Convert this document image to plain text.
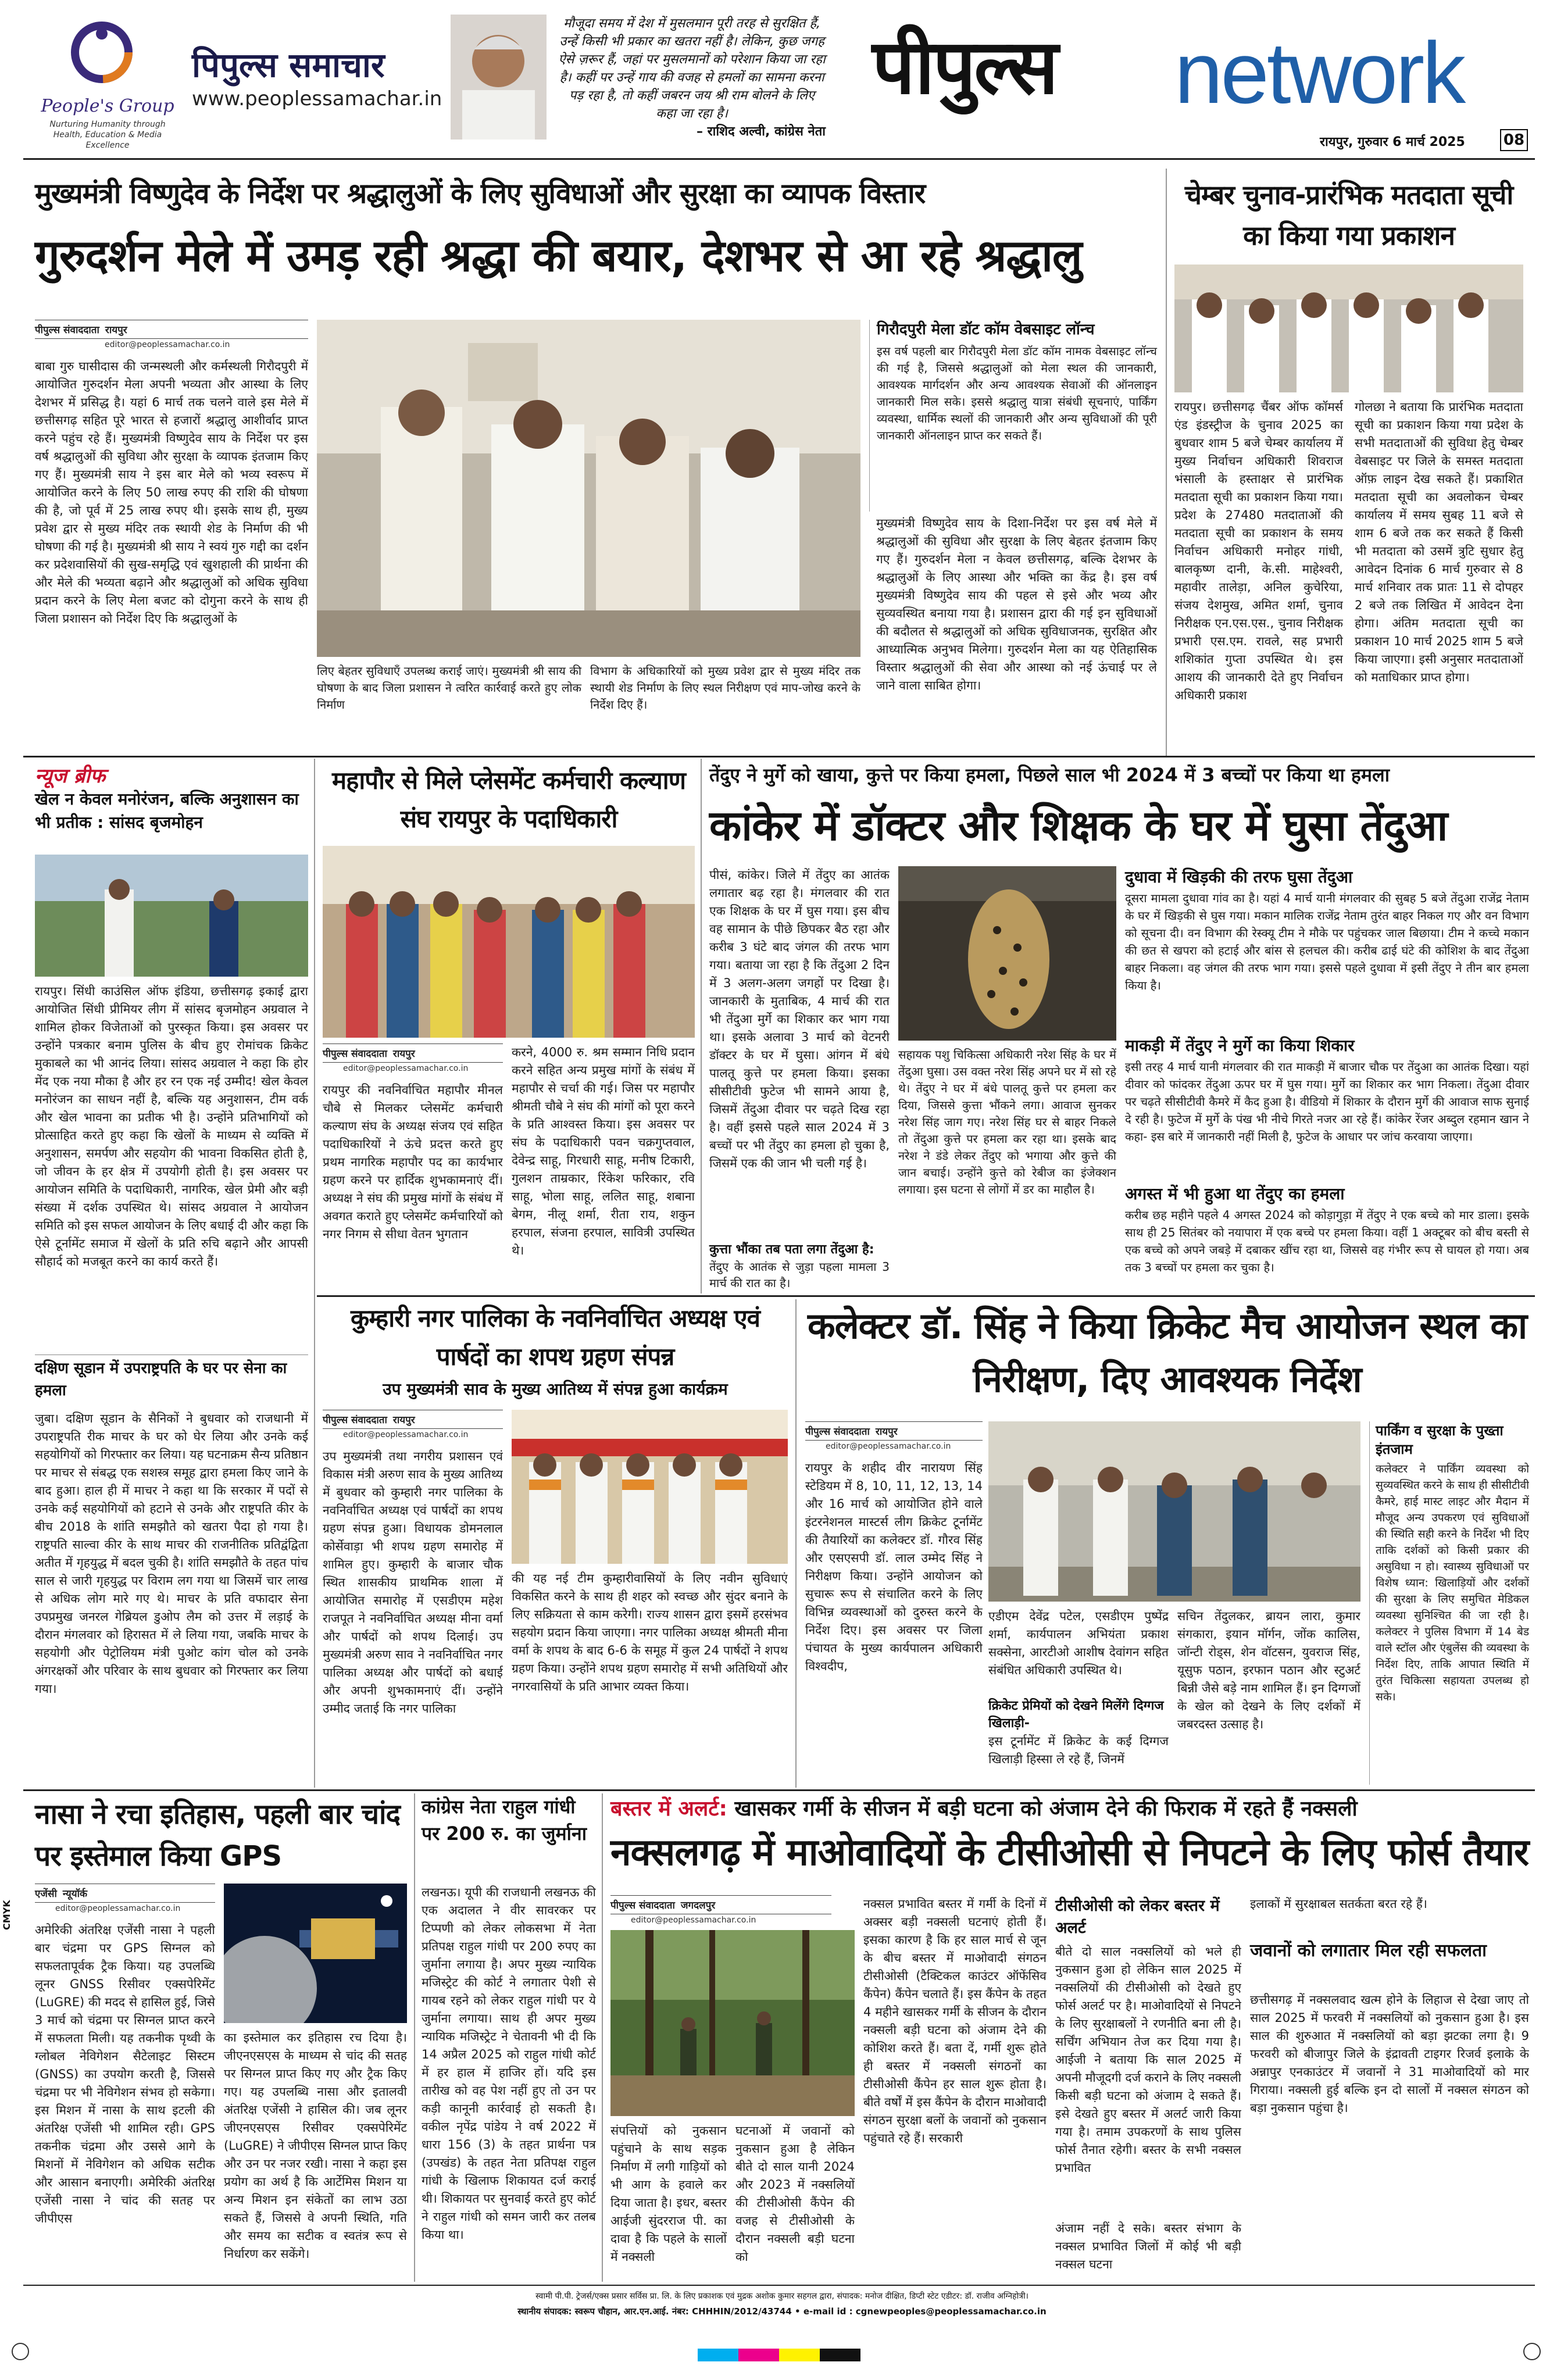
People's Group
Nurturing Humanity through Health, Education & Media Excellence
पिपुल्स समाचार
www.peoplessamachar.in
मौजूदा समय में देश में मुसलमान पूरी तरह से सुरक्षित हैं, उन्हें किसी भी प्रकार का खतरा नहीं है। लेकिन, कुछ जगह ऐसे ज़रूर हैं, जहां पर मुसलमानों को परेशान किया जा रहा है। कहीं पर उन्हें गाय की वजह से हमलों का सामना करना पड़ रहा है, तो कहीं जबरन जय श्री राम बोलने के लिए कहा जा रहा है।
– राशिद अल्वी, कांग्रेस नेता
पीपुल्स network
रायपुर, गुरुवार 6 मार्च 2025	08
मुख्यमंत्री विष्णुदेव के निर्देश पर श्रद्धालुओं के लिए सुविधाओं और सुरक्षा का व्यापक विस्तार
गुरुदर्शन मेले में उमड़ रही श्रद्धा की बयार, देशभर से आ रहे श्रद्धालु
पीपुल्स संवाददाता रायपुर
editor@peoplessamachar.co.in
बाबा गुरु घासीदास की जन्मस्थली और कर्मस्थली गिरौदपुरी में आयोजित गुरुदर्शन मेला अपनी भव्यता और आस्था के लिए देशभर में प्रसिद्ध है। यहां 6 मार्च तक चलने वाले इस मेले में छत्तीसगढ़ सहित पूरे भारत से हजारों श्रद्धालु आशीर्वाद प्राप्त करने पहुंच रहे हैं। मुख्यमंत्री विष्णुदेव साय के निर्देश पर इस वर्ष श्रद्धालुओं की सुविधा और सुरक्षा के व्यापक इंतजाम किए गए हैं। मुख्यमंत्री साय ने इस बार मेले को भव्य स्वरूप में आयोजित करने के लिए 50 लाख रुपए की राशि की घोषणा की है, जो पूर्व में 25 लाख रुपए थी। इसके साथ ही, मुख्य प्रवेश द्वार से मुख्य मंदिर तक स्थायी शेड के निर्माण की भी घोषणा की गई है। मुख्यमंत्री श्री साय ने स्वयं गुरु गद्दी का दर्शन कर प्रदेशवासियों की सुख-समृद्धि एवं खुशहाली की प्रार्थना की और मेले की भव्यता बढ़ाने और श्रद्धालुओं को अधिक सुविधा प्रदान करने के लिए मेला बजट को दोगुना करने के साथ ही जिला प्रशासन को निर्देश दिए कि श्रद्धालुओं के
लिए बेहतर सुविधाएँ उपलब्ध कराई जाएं। मुख्यमंत्री श्री साय की घोषणा के बाद जिला प्रशासन ने त्वरित कार्रवाई करते हुए लोक निर्माण
विभाग के अधिकारियों को मुख्य प्रवेश द्वार से मुख्य मंदिर तक स्थायी शेड निर्माण के लिए स्थल निरीक्षण एवं माप-जोख करने के निर्देश दिए हैं।
गिरौदपुरी मेला डॉट कॉम वेबसाइट लॉन्च
इस वर्ष पहली बार गिरौदपुरी मेला डॉट कॉम नामक वेबसाइट लॉन्च की गई है, जिससे श्रद्धालुओं को मेला स्थल की जानकारी, आवश्यक मार्गदर्शन और अन्य आवश्यक सेवाओं की ऑनलाइन जानकारी मिल सके। इससे श्रद्धालु यात्रा संबंधी सूचनाएं, पार्किंग व्यवस्था, धार्मिक स्थलों की जानकारी और अन्य सुविधाओं की पूरी जानकारी ऑनलाइन प्राप्त कर सकते हैं।
मुख्यमंत्री विष्णुदेव साय के दिशा-निर्देश पर इस वर्ष मेले में श्रद्धालुओं की सुविधा और सुरक्षा के लिए बेहतर इंतजाम किए गए हैं। गुरुदर्शन मेला न केवल छत्तीसगढ़, बल्कि देशभर के श्रद्धालुओं के लिए आस्था और भक्ति का केंद्र है। इस वर्ष मुख्यमंत्री विष्णुदेव साय की पहल से इसे और भव्य और सुव्यवस्थित बनाया गया है। प्रशासन द्वारा की गई इन सुविधाओं की बदौलत से श्रद्धालुओं को अधिक सुविधाजनक, सुरक्षित और आध्यात्मिक अनुभव मिलेगा। गुरुदर्शन मेला का यह ऐतिहासिक विस्तार श्रद्धालुओं की सेवा और आस्था को नई ऊंचाई पर ले जाने वाला साबित होगा।
चेम्बर चुनाव-प्रारंभिक मतदाता सूची का किया गया प्रकाशन
रायपुर। छत्तीसगढ़ चैंबर ऑफ कॉमर्स एंड इंडस्ट्रीज के चुनाव 2025 का बुधवार शाम 5 बजे चेम्बर कार्यालय में मुख्य निर्वाचन अधिकारी शिवराज भंसाली के हस्ताक्षर से प्रारंभिक मतदाता सूची का प्रकाशन किया गया। प्रदेश के 27480 मतदाताओं की मतदाता सूची का प्रकाशन के समय निर्वाचन अधिकारी मनोहर गांधी, बालकृष्ण दानी, के.सी. माहेश्वरी, महावीर तालेड़ा, अनिल कुचेरिया, संजय देशमुख, अमित शर्मा, चुनाव निरीक्षक एन.एस.एस., चुनाव निरीक्षक प्रभारी एस.एम. रावले, सह प्रभारी शशिकांत गुप्ता उपस्थित थे। इस आशय की जानकारी देते हुए निर्वाचन अधिकारी प्रकाश
गोलछा ने बताया कि प्रारंभिक मतदाता सूची का प्रकाशन किया गया प्रदेश के सभी मतदाताओं की सुविधा हेतु चेम्बर वेबसाइट पर जिले के समस्त मतदाता ऑफ़ लाइन देख सकते हैं। प्रकाशित मतदाता सूची का अवलोकन चेम्बर कार्यालय में समय सुबह 11 बजे से शाम 6 बजे तक कर सकते हैं किसी भी मतदाता को उसमें त्रुटि सुधार हेतु आवेदन दिनांक 6 मार्च गुरुवार से 8 मार्च शनिवार तक प्रातः 11 से दोपहर 2 बजे तक लिखित में आवेदन देना होगा। अंतिम मतदाता सूची का प्रकाशन 10 मार्च 2025 शाम 5 बजे किया जाएगा। इसी अनुसार मतदाताओं को मताधिकार प्राप्त होगा।
न्यूज ब्रीफ
खेल न केवल मनोरंजन, बल्कि अनुशासन का भी प्रतीक : सांसद बृजमोहन
रायपुर। सिंधी काउंसिल ऑफ इंडिया, छत्तीसगढ़ इकाई द्वारा आयोजित सिंधी प्रीमियर लीग में सांसद बृजमोहन अग्रवाल ने शामिल होकर विजेताओं को पुरस्कृत किया। इस अवसर पर उन्होंने पत्रकार बनाम पुलिस के बीच हुए रोमांचक क्रिकेट मुकाबले का भी आनंद लिया। सांसद अग्रवाल ने कहा कि होर मेंद एक नया मौका है और हर रन एक नई उम्मीद! खेल केवल मनोरंजन का साधन नहीं है, बल्कि यह अनुशासन, टीम वर्क और खेल भावना का प्रतीक भी है। उन्होंने प्रतिभागियों को प्रोत्साहित करते हुए कहा कि खेलों के माध्यम से व्यक्ति में अनुशासन, समर्पण और सहयोग की भावना विकसित होती है, जो जीवन के हर क्षेत्र में उपयोगी होती है। इस अवसर पर आयोजन समिति के पदाधिकारी, नागरिक, खेल प्रेमी और बड़ी संख्या में दर्शक उपस्थित थे। सांसद अग्रवाल ने आयोजन समिति को इस सफल आयोजन के लिए बधाई दी और कहा कि ऐसे टूर्नामेंट समाज में खेलों के प्रति रुचि बढ़ाने और आपसी सौहार्द को मजबूत करने का कार्य करते हैं।
दक्षिण सूडान में उपराष्ट्रपति के घर पर सेना का हमला
जुबा। दक्षिण सूडान के सैनिकों ने बुधवार को राजधानी में उपराष्ट्रपति रीक माचर के घर को घेर लिया और उनके कई सहयोगियों को गिरफ्तार कर लिया। यह घटनाक्रम सैन्य प्रतिष्ठान पर माचर से संबद्ध एक सशस्त्र समूह द्वारा हमला किए जाने के बाद हुआ। हाल ही में माचर ने कहा था कि सरकार में पदों से उनके कई सहयोगियों को हटाने से उनके और राष्ट्रपति कीर के बीच 2018 के शांति समझौते को खतरा पैदा हो गया है। राष्ट्रपति साल्वा कीर के साथ माचर की राजनीतिक प्रतिद्वंद्विता अतीत में गृहयुद्ध में बदल चुकी है। शांति समझौते के तहत पांच साल से जारी गृहयुद्ध पर विराम लग गया था जिसमें चार लाख से अधिक लोग मारे गए थे। माचर के प्रति वफादार सेना उपप्रमुख जनरल गेब्रियल डुओप लैम को उत्तर में लड़ाई के दौरान मंगलवार को हिरासत में ले लिया गया, जबकि माचर के सहयोगी और पेट्रोलियम मंत्री पुओट कांग चोल को उनके अंगरक्षकों और परिवार के साथ बुधवार को गिरफ्तार कर लिया गया।
महापौर से मिले प्लेसमेंट कर्मचारी कल्याण संघ रायपुर के पदाधिकारी
पीपुल्स संवाददाता रायपुर
editor@peoplessamachar.co.in
रायपुर की नवनिर्वाचित महापौर मीनल चौबे से मिलकर प्लेसमेंट कर्मचारी कल्याण संघ के अध्यक्ष संजय एवं सहित पदाधिकारियों ने ऊंचे प्रदत्त करते हुए प्रथम नागरिक महापौर पद का कार्यभार ग्रहण करने पर हार्दिक शुभकामनाएं दीं। अध्यक्ष ने संघ की प्रमुख मांगों के संबंध में अवगत कराते हुए प्लेसमेंट कर्मचारियों को नगर निगम से सीधा वेतन भुगतान
करने, 4000 रु. श्रम सम्मान निधि प्रदान करने सहित अन्य प्रमुख मांगों के संबंध में महापौर से चर्चा की गई। जिस पर महापौर श्रीमती चौबे ने संघ की मांगों को पूरा करने के प्रति आश्वस्त किया। इस अवसर पर संघ के पदाधिकारी पवन चक्रगुप्तवाल, देवेन्द्र साहू, गिरधारी साहू, मनीष टिकारी, गुलशन ताम्रकार, रिंकेश फरिकार, रवि साहू, भोला साहू, ललित साहू, शबाना बेगम, नीलू शर्मा, रीता राय, शकुन हरपाल, संजना हरपाल, सावित्री उपस्थित थे।
तेंदुए ने मुर्गे को खाया, कुत्ते पर किया हमला, पिछले साल भी 2024 में 3 बच्चों पर किया था हमला
कांकेर में डॉक्टर और शिक्षक के घर में घुसा तेंदुआ
पीसं, कांकेर। जिले में तेंदुए का आतंक लगातार बढ़ रहा है। मंगलवार की रात एक शिक्षक के घर में घुस गया। इस बीच वह सामान के पीछे छिपकर बैठ रहा और करीब 3 घंटे बाद जंगल की तरफ भाग गया। बताया जा रहा है कि तेंदुआ 2 दिन में 3 अलग-अलग जगहों पर दिखा है। जानकारी के मुताबिक, 4 मार्च की रात भी तेंदुआ मुर्गे का शिकार कर भाग गया था। इसके अलावा 3 मार्च को वेटनरी डॉक्टर के घर में घुसा। आंगन में बंधे पालतू कुत्ते पर हमला किया। इसका सीसीटीवी फुटेज भी सामने आया है, जिसमें तेंदुआ दीवार पर चढ़ते दिख रहा है। वहीं इससे पहले साल 2024 में 3 बच्चों पर भी तेंदुए का हमला हो चुका है, जिसमें एक की जान भी चली गई है।
कुत्ता भौंका तब पता लगा तेंदुआ है:
तेंदुए के आतंक से जुड़ा पहला मामला 3 मार्च की रात का है।
सहायक पशु चिकित्सा अधिकारी नरेश सिंह के घर में तेंदुआ घुसा। उस वक्त नरेश सिंह अपने घर में सो रहे थे। तेंदुए ने घर में बंधे पालतू कुत्ते पर हमला कर दिया, जिससे कुत्ता भौंकने लगा। आवाज सुनकर नरेश सिंह जाग गए। नरेश सिंह घर से बाहर निकले तो तेंदुआ कुत्ते पर हमला कर रहा था। इसके बाद नरेश ने डंडे लेकर तेंदुए को भगाया और कुत्ते की जान बचाई। उन्होंने कुत्ते को रेबीज का इंजेक्शन लगाया। इस घटना से लोगों में डर का माहौल है।
दुधावा में खिड़की की तरफ घुसा तेंदुआ
दूसरा मामला दुधावा गांव का है। यहां 4 मार्च यानी मंगलवार की सुबह 5 बजे तेंदुआ राजेंद्र नेताम के घर में खिड़की से घुस गया। मकान मालिक राजेंद्र नेताम तुरंत बाहर निकल गए और वन विभाग को सूचना दी। वन विभाग की रेस्क्यू टीम ने मौके पर पहुंचकर जाल बिछाया। टीम ने कच्चे मकान की छत से खपरा को हटाई और बांस से हलचल की। करीब ढाई घंटे की कोशिश के बाद तेंदुआ बाहर निकला। वह जंगल की तरफ भाग गया। इससे पहले दुधावा में इसी तेंदुए ने तीन बार हमला किया है।
माकड़ी में तेंदुए ने मुर्गे का किया शिकार
इसी तरह 4 मार्च यानी मंगलवार की रात माकड़ी में बाजार चौक पर तेंदुआ का आतंक दिखा। यहां दीवार को फांदकर तेंदुआ ऊपर घर में घुस गया। मुर्गे का शिकार कर भाग निकला। तेंदुआ दीवार पर चढ़ते सीसीटीवी कैमरे में कैद हुआ है। वीडियो में शिकार के दौरान मुर्गे की आवाज साफ सुनाई दे रही है। फुटेज में मुर्गे के पंख भी नीचे गिरते नजर आ रहे हैं। कांकेर रेंजर अब्दुल रहमान खान ने कहा- इस बारे में जानकारी नहीं मिली है, फुटेज के आधार पर जांच करवाया जाएगा।
अगस्त में भी हुआ था तेंदुए का हमला
करीब छह महीने पहले 4 अगस्त 2024 को कोड़ागुड़ा में तेंदुए ने एक बच्चे को मार डाला। इसके साथ ही 25 सितंबर को नयापारा में एक बच्चे पर हमला किया। वहीं 1 अक्टूबर को बीच बस्ती से एक बच्चे को अपने जबड़े में दबाकर खींच रहा था, जिससे वह गंभीर रूप से घायल हो गया। अब तक 3 बच्चों पर हमला कर चुका है।
कुम्हारी नगर पालिका के नवनिर्वाचित अध्यक्ष एवं पार्षदों का शपथ ग्रहण संपन्न
उप मुख्यमंत्री साव के मुख्य आतिथ्य में संपन्न हुआ कार्यक्रम
पीपुल्स संवाददाता रायपुर
editor@peoplessamachar.co.in
उप मुख्यमंत्री तथा नगरीय प्रशासन एवं विकास मंत्री अरुण साव के मुख्य आतिथ्य में बुधवार को कुम्हारी नगर पालिका के नवनिर्वाचित अध्यक्ष एवं पार्षदों का शपथ ग्रहण संपन्न हुआ। विधायक डोमनलाल कोर्सेवाड़ा भी शपथ ग्रहण समारोह में शामिल हुए। कुम्हारी के बाजार चौक स्थित शासकीय प्राथमिक शाला में आयोजित समारोह में एसडीएम महेश राजपूत ने नवनिर्वाचित अध्यक्ष मीना वर्मा और पार्षदों को शपथ दिलाई। उप मुख्यमंत्री अरुण साव ने नवनिर्वाचित नगर पालिका अध्यक्ष और पार्षदों को बधाई और अपनी शुभकामनाएं दीं। उन्होंने उम्मीद जताई कि नगर पालिका
की यह नई टीम कुम्हारीवासियों के लिए नवीन सुविधाएं विकसित करने के साथ ही शहर को स्वच्छ और सुंदर बनाने के लिए सक्रियता से काम करेगी। राज्य शासन द्वारा इसमें हरसंभव सहयोग प्रदान किया जाएगा। नगर पालिका अध्यक्ष श्रीमती मीना वर्मा के शपथ के बाद 6-6 के समूह में कुल 24 पार्षदों ने शपथ ग्रहण किया। उन्होंने शपथ ग्रहण समारोह में सभी अतिथियों और नगरवासियों के प्रति आभार व्यक्त किया।
कलेक्टर डॉ. सिंह ने किया क्रिकेट मैच आयोजन स्थल का निरीक्षण, दिए आवश्यक निर्देश
पीपुल्स संवाददाता रायपुर
editor@peoplessamachar.co.in
रायपुर के शहीद वीर नारायण सिंह स्टेडियम में 8, 10, 11, 12, 13, 14 और 16 मार्च को आयोजित होने वाले इंटरनेशनल मास्टर्स लीग क्रिकेट टूर्नामेंट की तैयारियों का कलेक्टर डॉ. गौरव सिंह और एसएसपी डॉ. लाल उम्मेद सिंह ने निरीक्षण किया। उन्होंने आयोजन को सुचारू रूप से संचालित करने के लिए विभिन्न व्यवस्थाओं को दुरुस्त करने के निर्देश दिए। इस अवसर पर जिला पंचायत के मुख्य कार्यपालन अधिकारी विश्वदीप,
एडीएम देवेंद्र पटेल, एसडीएम पुष्पेंद्र शर्मा, कार्यपालन अभियंता प्रकाश सक्सेना, आरटीओ आशीष देवांगन सहित संबंधित अधिकारी उपस्थित थे।
क्रिकेट प्रेमियों को देखने मिलेंगे दिग्गज खिलाड़ी-
इस टूर्नामेंट में क्रिकेट के कई दिग्गज खिलाड़ी हिस्सा ले रहे हैं, जिनमें
सचिन तेंदुलकर, ब्रायन लारा, कुमार संगकारा, इयान मॉर्गन, जोंक कालिस, जॉन्टी रोड्स, शेन वॉटसन, युवराज सिंह, यूसुफ पठान, इरफान पठान और स्टुअर्ट बिन्नी जैसे बड़े नाम शामिल हैं। इन दिग्गजों के खेल को देखने के लिए दर्शकों में जबरदस्त उत्साह है।
पार्किंग व सुरक्षा के पुख्ता इंतजाम
कलेक्टर ने पार्किंग व्यवस्था को सुव्यवस्थित करने के साथ ही सीसीटीवी कैमरे, हाई मास्ट लाइट और मैदान में मौजूद अन्य उपकरण एवं सुविधाओं की स्थिति सही करने के निर्देश भी दिए ताकि दर्शकों को किसी प्रकार की असुविधा न हो। स्वास्थ्य सुविधाओं पर विशेष ध्यान: खिलाड़ियों और दर्शकों की सुरक्षा के लिए समुचित मेडिकल व्यवस्था सुनिश्चित की जा रही है। कलेक्टर ने पुलिस विभाग में 14 बेड वाले स्टॉल और एंबुलेंस की व्यवस्था के निर्देश दिए, ताकि आपात स्थिति में तुरंत चिकित्सा सहायता उपलब्ध हो सके।
नासा ने रचा इतिहास, पहली बार चांद पर इस्तेमाल किया GPS
एजेंसी न्यूयॉर्क
editor@peoplessamachar.co.in
अमेरिकी अंतरिक्ष एजेंसी नासा ने पहली बार चंद्रमा पर GPS सिग्नल को सफलतापूर्वक ट्रैक किया। यह उपलब्धि लूनर GNSS रिसीवर एक्सपेरिमेंट (LuGRE) की मदद से हासिल हुई, जिसे 3 मार्च को चंद्रमा पर सिग्नल प्राप्त करने में सफलता मिली। यह तकनीक पृथ्वी के ग्लोबल नेविगेशन सैटेलाइट सिस्टम (GNSS) का उपयोग करती है, जिससे चंद्रमा पर भी नेविगेशन संभव हो सकेगा। इस मिशन में नासा के साथ इटली की अंतरिक्ष एजेंसी भी शामिल रही। GPS तकनीक चंद्रमा और उससे आगे के मिशनों में नेविगेशन को अधिक सटीक और आसान बनाएगी। अमेरिकी अंतरिक्ष एजेंसी नासा ने चांद की सतह पर जीपीएस
का इस्तेमाल कर इतिहास रच दिया है। जीएनएसएस के माध्यम से चांद की सतह पर सिग्नल प्राप्त किए गए और ट्रैक किए गए। यह उपलब्धि नासा और इतालवी अंतरिक्ष एजेंसी ने हासिल की। जब लूनर जीएनएसएस रिसीवर एक्सपेरिमेंट (LuGRE) ने जीपीएस सिग्नल प्राप्त किए और उन पर नजर रखी। नासा ने कहा इस प्रयोग का अर्थ है कि आर्टेमिस मिशन या अन्य मिशन इन संकेतों का लाभ उठा सकते हैं, जिससे वे अपनी स्थिति, गति और समय का सटीक व स्वतंत्र रूप से निर्धारण कर सकेंगे।
कांग्रेस नेता राहुल गांधी पर 200 रु. का जुर्माना
लखनऊ। यूपी की राजधानी लखनऊ की एक अदालत ने वीर सावरकर पर टिप्पणी को लेकर लोकसभा में नेता प्रतिपक्ष राहुल गांधी पर 200 रुपए का जुर्माना लगाया है। अपर मुख्य न्यायिक मजिस्ट्रेट की कोर्ट ने लगातार पेशी से गायब रहने को लेकर राहुल गांधी पर ये जुर्माना लगाया। साथ ही अपर मुख्य न्यायिक मजिस्ट्रेट ने चेतावनी भी दी कि 14 अप्रैल 2025 को राहुल गांधी कोर्ट में हर हाल में हाजिर हों। यदि इस तारीख को वह पेश नहीं हुए तो उन पर कड़ी कानूनी कार्रवाई हो सकती है। वकील नृपेंद्र पांडेय ने वर्ष 2022 में धारा 156 (3) के तहत प्रार्थना पत्र (उपखंड) के तहत नेता प्रतिपक्ष राहुल गांधी के खिलाफ शिकायत दर्ज कराई थी। शिकायत पर सुनवाई करते हुए कोर्ट ने राहुल गांधी को समन जारी कर तलब किया था।
बस्तर में अलर्ट: खासकर गर्मी के सीजन में बड़ी घटना को अंजाम देने की फिराक में रहते हैं नक्सली
नक्सलगढ़ में माओवादियों के टीसीओसी से निपटने के लिए फोर्स तैयार
पीपुल्स संवाददाता जगदलपुर
editor@peoplessamachar.co.in
नक्सल प्रभावित बस्तर में गर्मी के दिनों में अक्सर बड़ी नक्सली घटनाएं होती हैं। इसका कारण है कि हर साल मार्च से जून के बीच बस्तर में माओवादी संगठन टीसीओसी (टैक्टिकल काउंटर ऑफेंसिव कैंपेन) कैंपेन चलाते हैं। इस कैंपेन के तहत 4 महीने खासकर गर्मी के सीजन के दौरान नक्सली बड़ी घटना को अंजाम देने की कोशिश करते हैं। बता दें, गर्मी शुरू होते ही बस्तर में नक्सली संगठनों का टीसीओसी कैंपेन हर साल शुरू होता है। बीते वर्षों में इस कैंपेन के दौरान माओवादी संगठन सुरक्षा बलों के जवानों को नुकसान पहुंचाते रहे हैं। सरकारी
संपत्तियों को नुकसान पहुंचाने के साथ सड़क निर्माण में लगी गाड़ियों को भी आग के हवाले कर दिया जाता है। इधर, बस्तर आईजी सुंदरराज पी. का दावा है कि पहले के सालों में नक्सली
घटनाओं में जवानों को नुकसान हुआ है लेकिन बीते दो साल यानी 2024 और 2023 में नक्सलियों की टीसीओसी कैंपेन की वजह से टीसीओसी के दौरान नक्सली बड़ी घटना को
टीसीओसी को लेकर बस्तर में अलर्ट
बीते दो साल नक्सलियों को भले ही नुकसान हुआ हो लेकिन साल 2025 में नक्सलियों की टीसीओसी को देखते हुए फोर्स अलर्ट पर है। माओवादियों से निपटने के लिए सुरक्षाबलों ने रणनीति बना ली है। सर्चिंग अभियान तेज कर दिया गया है। आईजी ने बताया कि साल 2025 में अपनी मौजूदगी दर्ज कराने के लिए नक्सली किसी बड़ी घटना को अंजाम दे सकते हैं। इसे देखते हुए बस्तर में अलर्ट जारी किया गया है। तमाम उपकरणों के साथ पुलिस फोर्स तैनात रहेगी। बस्तर के सभी नक्सल प्रभावित
अंजाम नहीं दे सके। बस्तर संभाग के नक्सल प्रभावित जिलों में कोई भी बड़ी नक्सल घटना
इलाकों में सुरक्षाबल सतर्कता बरत रहे हैं।
जवानों को लगातार मिल रही सफलता
छत्तीसगढ़ में नक्सलवाद खत्म होने के लिहाज से देखा जाए तो साल 2025 में फरवरी में नक्सलियों को नुकसान हुआ है। इस साल की शुरुआत में नक्सलियों को बड़ा झटका लगा है। 9 फरवरी को बीजापुर जिले के इंद्रावती टाइगर रिजर्व इलाके के अन्नापुर एनकाउंटर में जवानों ने 31 माओवादियों को मार गिराया। नक्सली हुई बल्कि इन दो सालों में नक्सल संगठन को बड़ा नुकसान पहुंचा है।
स्वामी पी.पी. ट्रेजर्स/एक्स प्रसार सर्विस प्रा. लि. के लिए प्रकाशक एवं मुद्रक अशोक कुमार सहगल द्वारा, संपादक: मनोज दीक्षित, डिप्टी स्टेट एडीटर: डॉ. राजीव अग्निहोत्री।
स्थानीय संपादक: स्वरूप चौहान, आर.एन.आई. नंबर: CHHHIN/2012/43744 • e-mail id : cgnewpeoples@peoplessamachar.co.in
CMYK
